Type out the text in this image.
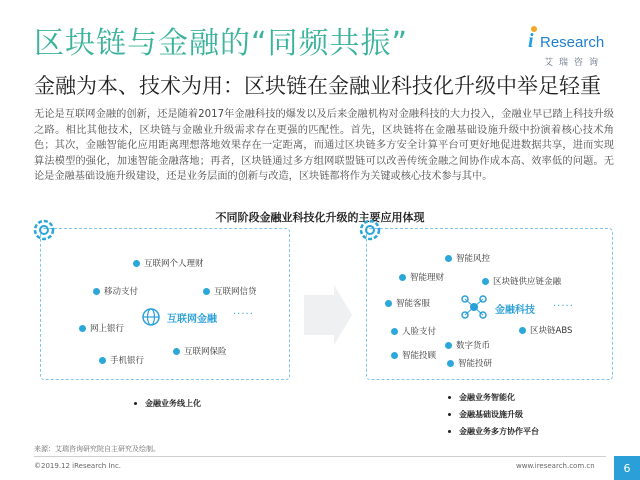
区块链与金融的“同频共振”	i Research
艾瑞咨询
金融为本、技术为用：区块链在金融业科技化升级中举足轻重
无论是互联网金融的创新，还是随着2017年金融科技的爆发以及后来金融机构对金融科技的大力投入，金融业早已踏上科技升级之路。相比其他技术，区块链与金融业升级需求存在更强的匹配性。首先，区块链将在金融基础设施升级中扮演着核心技术角色；其次，金融智能化应用距离理想落地效果存在一定距离，而通过区块链多方安全计算平台可更好地促进数据共享，进而实现算法模型的强化，加速智能金融落地；再者，区块链通过多方组网联盟链可以改善传统金融之间协作成本高、效率低的问题。无论是金融基础设施升级建设，还是业务层面的创新与改造，区块链都将作为关键或核心技术参与其中。
不同阶段金融业科技化升级的主要应用体现
互联网个人理财
移动支付	互联网信贷
网上银行
互联网金融 ·····
手机银行
互联网保险
金融业务线上化
智能风控
智能理财	区块链供应链金融
智能客服
金融科技 ·····
人脸支付	区块链ABS
数字货币
智能投顾
智能投研
金融业务智能化
金融基础设施升级
金融业务多方协作平台
来源：艾瑞咨询研究院自主研究及绘制。
©2019.12 iResearch Inc.	www.iresearch.com.cn	6
